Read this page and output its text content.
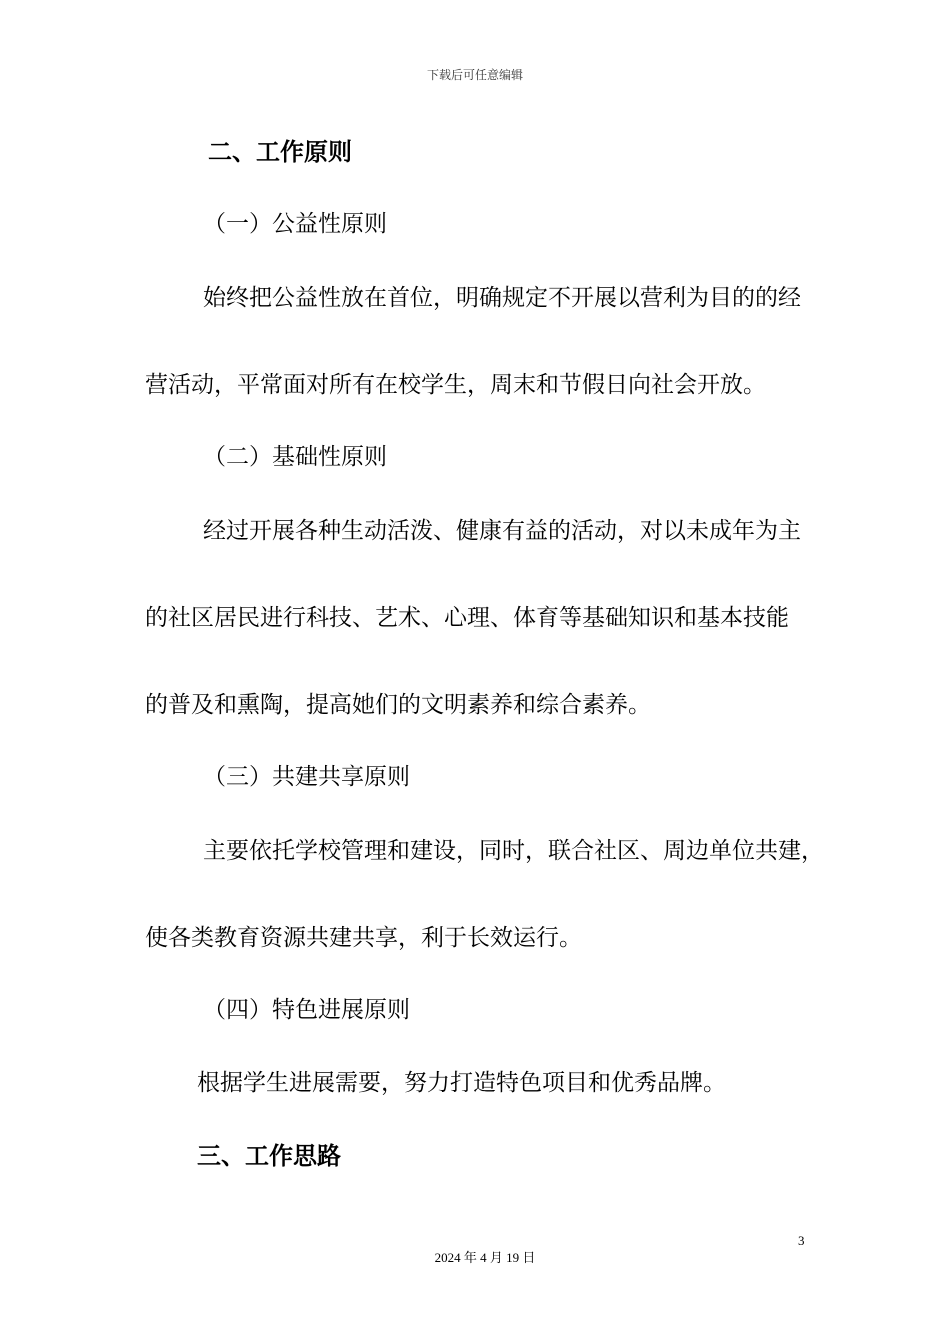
下载后可任意编辑
二、工作原则
（一）公益性原则
始终把公益性放在首位，明确规定不开展以营利为目的的经
营活动，平常面对所有在校学生，周末和节假日向社会开放。
（二）基础性原则
经过开展各种生动活泼、健康有益的活动，对以未成年为主
的社区居民进行科技、艺术、心理、体育等基础知识和基本技能
的普及和熏陶，提高她们的文明素养和综合素养。
（三）共建共享原则
主要依托学校管理和建设，同时，联合社区、周边单位共建，
使各类教育资源共建共享，利于长效运行。
（四）特色进展原则
根据学生进展需要，努力打造特色项目和优秀品牌。
三、工作思路
3
2024 年 4 月 19 日
